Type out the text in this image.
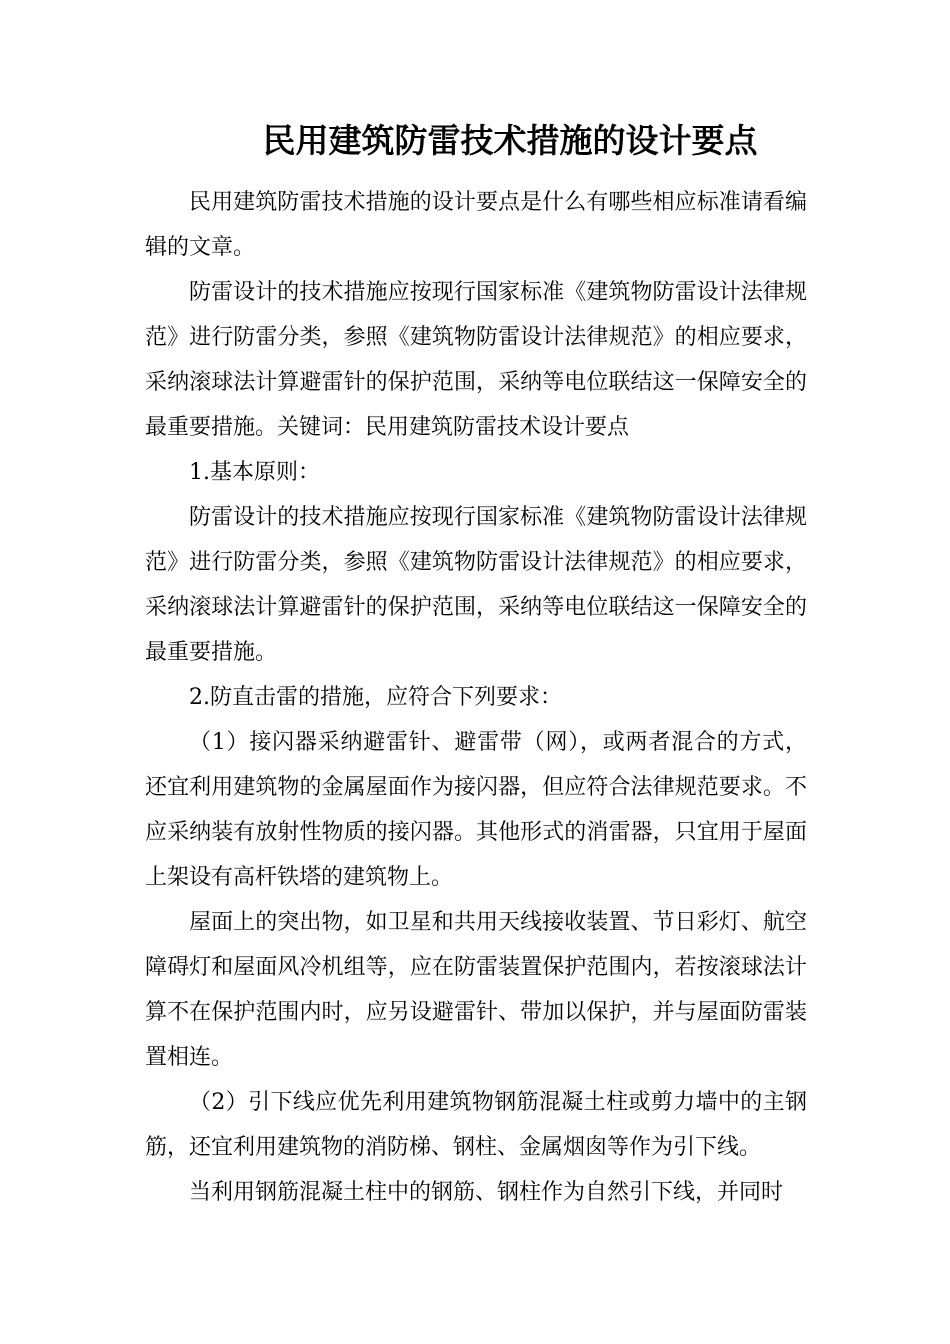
民用建筑防雷技术措施的设计要点

民用建筑防雷技术措施的设计要点是什么有哪些相应标准请看编辑的文章。

防雷设计的技术措施应按现行国家标准《建筑物防雷设计法律规范》进行防雷分类，参照《建筑物防雷设计法律规范》的相应要求，采纳滚球法计算避雷针的保护范围，采纳等电位联结这一保障安全的最重要措施。关键词：民用建筑防雷技术设计要点

1.基本原则：

防雷设计的技术措施应按现行国家标准《建筑物防雷设计法律规范》进行防雷分类，参照《建筑物防雷设计法律规范》的相应要求，采纳滚球法计算避雷针的保护范围，采纳等电位联结这一保障安全的最重要措施。

2.防直击雷的措施，应符合下列要求：

（1）接闪器采纳避雷针、避雷带（网），或两者混合的方式，还宜利用建筑物的金属屋面作为接闪器，但应符合法律规范要求。不应采纳装有放射性物质的接闪器。其他形式的消雷器，只宜用于屋面上架设有高杆铁塔的建筑物上。

屋面上的突出物，如卫星和共用天线接收装置、节日彩灯、航空障碍灯和屋面风冷机组等，应在防雷装置保护范围内，若按滚球法计算不在保护范围内时，应另设避雷针、带加以保护，并与屋面防雷装置相连。

（2）引下线应优先利用建筑物钢筋混凝土柱或剪力墙中的主钢筋，还宜利用建筑物的消防梯、钢柱、金属烟囱等作为引下线。

当利用钢筋混凝土柱中的钢筋、钢柱作为自然引下线，并同时
